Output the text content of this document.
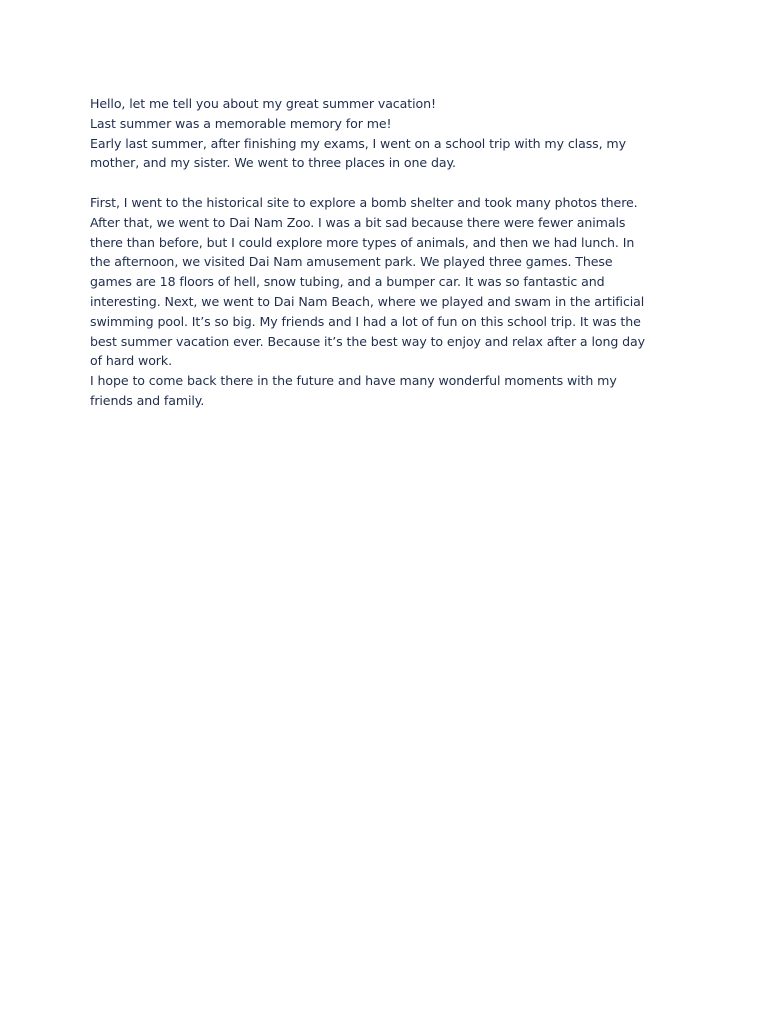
Hello, let me tell you about my great summer vacation!
Last summer was a memorable memory for me!
Early last summer, after finishing my exams, I went on a school trip with my class, my
mother, and my sister. We went to three places in one day.
First, I went to the historical site to explore a bomb shelter and took many photos there.
After that, we went to Dai Nam Zoo. I was a bit sad because there were fewer animals
there than before, but I could explore more types of animals, and then we had lunch. In
the afternoon, we visited Dai Nam amusement park. We played three games. These
games are 18 floors of hell, snow tubing, and a bumper car. It was so fantastic and
interesting. Next, we went to Dai Nam Beach, where we played and swam in the artificial
swimming pool. It’s so big. My friends and I had a lot of fun on this school trip. It was the
best summer vacation ever. Because it’s the best way to enjoy and relax after a long day
of hard work.
I hope to come back there in the future and have many wonderful moments with my
friends and family.
